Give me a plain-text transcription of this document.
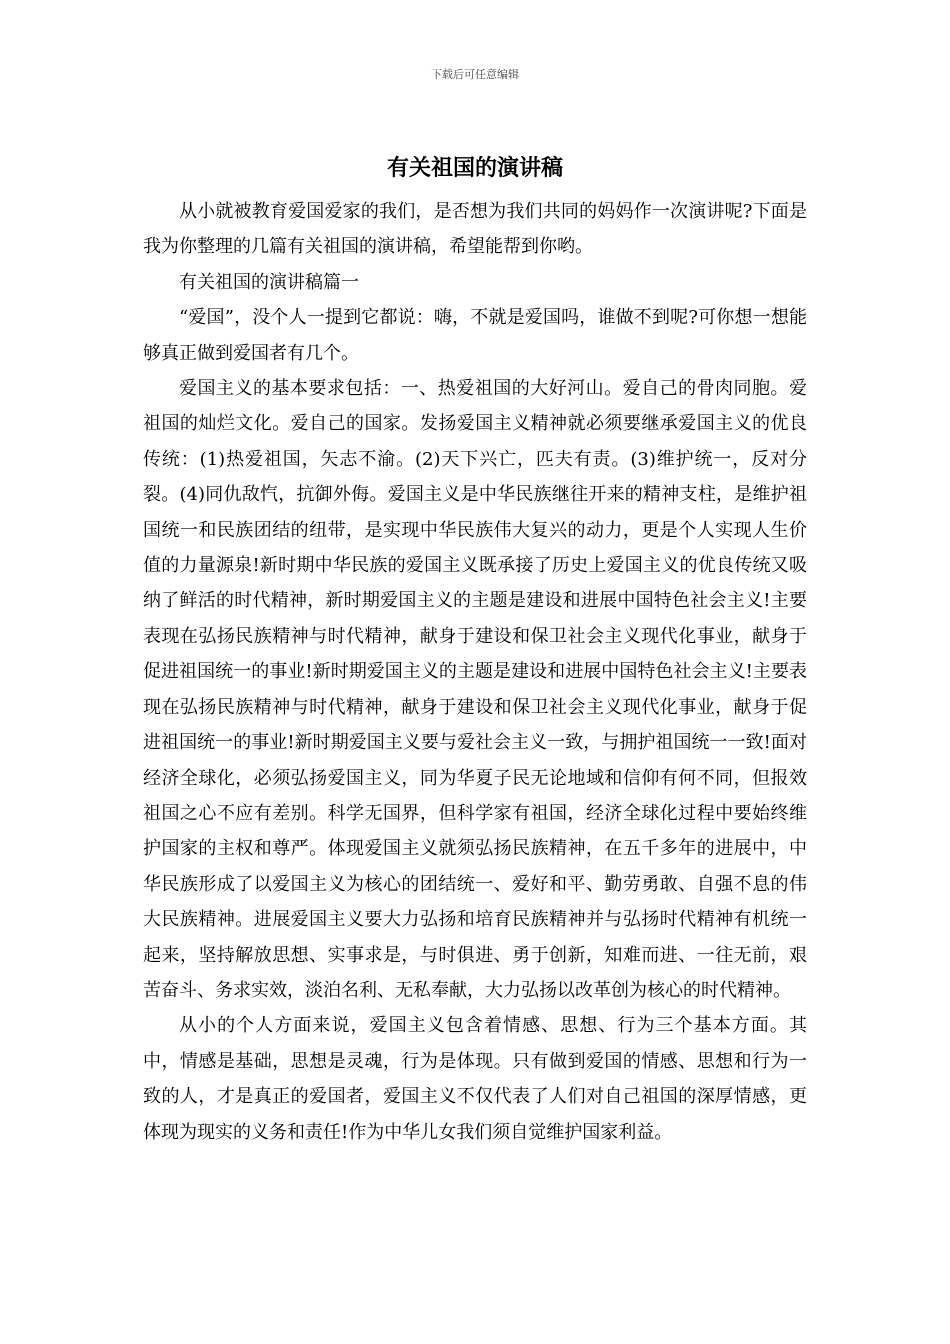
下载后可任意编辑
有关祖国的演讲稿

从小就被教育爱国爱家的我们，是否想为我们共同的妈妈作一次演讲呢?下面是我为你整理的几篇有关祖国的演讲稿，希望能帮到你哟。

有关祖国的演讲稿篇一

“爱国”，没个人一提到它都说：嗨，不就是爱国吗，谁做不到呢?可你想一想能够真正做到爱国者有几个。

爱国主义的基本要求包括：一、热爱祖国的大好河山。爱自己的骨肉同胞。爱祖国的灿烂文化。爱自己的国家。发扬爱国主义精神就必须要继承爱国主义的优良传统：(1)热爱祖国，矢志不渝。(2)天下兴亡，匹夫有责。(3)维护统一，反对分裂。(4)同仇敌忾，抗御外侮。爱国主义是中华民族继往开来的精神支柱，是维护祖国统一和民族团结的纽带，是实现中华民族伟大复兴的动力，更是个人实现人生价值的力量源泉!新时期中华民族的爱国主义既承接了历史上爱国主义的优良传统又吸纳了鲜活的时代精神，新时期爱国主义的主题是建设和进展中国特色社会主义!主要表现在弘扬民族精神与时代精神，献身于建设和保卫社会主义现代化事业，献身于促进祖国统一的事业!新时期爱国主义的主题是建设和进展中国特色社会主义!主要表现在弘扬民族精神与时代精神，献身于建设和保卫社会主义现代化事业，献身于促进祖国统一的事业!新时期爱国主义要与爱社会主义一致，与拥护祖国统一一致!面对经济全球化，必须弘扬爱国主义，同为华夏子民无论地域和信仰有何不同，但报效祖国之心不应有差别。科学无国界，但科学家有祖国，经济全球化过程中要始终维护国家的主权和尊严。体现爱国主义就须弘扬民族精神，在五千多年的进展中，中华民族形成了以爱国主义为核心的团结统一、爱好和平、勤劳勇敢、自强不息的伟大民族精神。进展爱国主义要大力弘扬和培育民族精神并与弘扬时代精神有机统一起来，坚持解放思想、实事求是，与时俱进、勇于创新，知难而进、一往无前，艰苦奋斗、务求实效，淡泊名利、无私奉献，大力弘扬以改革创为核心的时代精神。

从小的个人方面来说，爱国主义包含着情感、思想、行为三个基本方面。其中，情感是基础，思想是灵魂，行为是体现。只有做到爱国的情感、思想和行为一致的人，才是真正的爱国者，爱国主义不仅代表了人们对自己祖国的深厚情感，更体现为现实的义务和责任!作为中华儿女我们须自觉维护国家利益。
